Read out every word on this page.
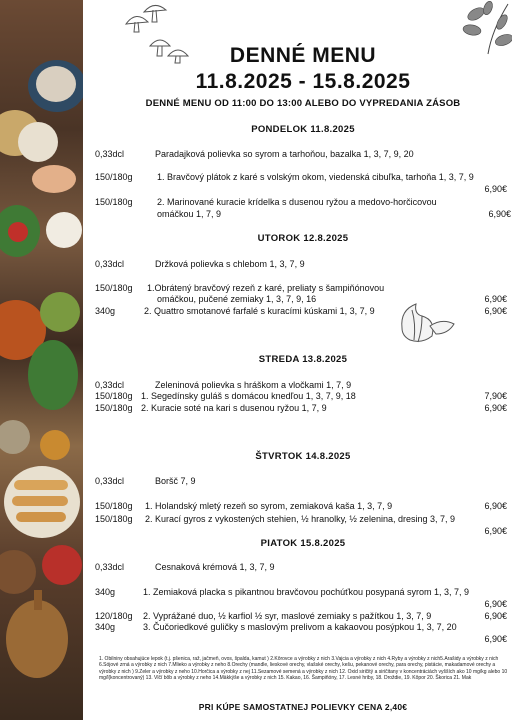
DENNÉ MENU
11.8.2025 - 15.8.2025
DENNÉ MENU OD 11:00 DO 13:00 ALEBO DO VYPREDANIA ZÁSOB
PONDELOK 11.8.2025
0,33dcl	Paradajková polievka so syrom a tarhoňou, bazalka 1, 3, 7, 9, 20
150/180g	1. Bravčový plátok z karé s volským okom, viedenská cibuľka, tarhoňa 1, 3, 7, 9
6,90€
150/180g	2. Marinované kuracie krídelka s dusenou ryžou a medovo-horčicovou
omáčkou 1, 7, 9	6,90€
UTOROK 12.8.2025
0,33dcl	Držková polievka s chlebom 1, 3, 7, 9
150/180g 1.Obrátený bravčový rezeň z karé, preliaty s šampiňónovou
omáčkou, pučené zemiaky 1, 3, 7, 9, 16	6,90€
340g	2. Quattro smotanové farfalé s kuracími kúskami 1, 3, 7, 9	6,90€
STREDA 13.8.2025
0,33dcl	Zeleninová polievka s hráškom a vločkami 1, 7, 9
150/180g 1. Segedínsky guláš s domácou knedľou 1, 3, 7, 9, 18	7,90€
150/180g 2. Kuracie soté na kari s dusenou ryžou 1, 7, 9	6,90€
ŠTVRTOK 14.8.2025
0,33dcl	Boršč 7, 9
150/180g 1. Holandský mletý rezeň so syrom, zemiaková kaša 1, 3, 7, 9	6,90€
150/180g 2. Kurací gyros z vykostených stehien, ½ hranolky, ½ zelenina, dresing 3, 7, 9
6,90€
PIATOK 15.8.2025
0,33dcl	Cesnaková krémová 1, 3, 7, 9
340g	1. Zemiaková placka s pikantnou bravčovou pochúťkou posypaná syrom 1, 3, 7, 9
6,90€
120/180g 2. Vyprážané duo, ½ karfiol ½ syr, maslové zemiaky s pažítkou 1, 3, 7, 9	6,90€
340g	3. Čučoriedkové guličky s maslovým prelivom a kakaovou posýpkou 1, 3, 7, 20
6,90€
1. Obilniny obsahujúce lepok (t.j. pšenica, raž, jačmeň, ovos, špalda, kamut ) 2.Kôrovce a výrobky z nich 3.Vajcia a výrobky z nich 4.Ryby a výrobky z nich5.Arašidy a výrobky z nich 6.Sójové zrná a výrobky z nich 7.Mlieko a výrobky z neho 8.Orechy (mandle, lieskové orechy, vlašské orechy, kešu, pekanové orechy, para orechy, pistácie, makadamové orechy a výrobky z nich ) 9.Zeler a výrobky z neho 10.Horčica a výrobky z nej 11.Sezamové semená a výrobky z nich 12. Oxid siričitý a siričitany v koncentráciách vyšších ako 10 mg/kg alebo 10 mg/l(koncentrovaný) 13. Vlčí bôb a výrobky z neho 14.Mäkkýše a výrobky z nich 15. Kakao, 16. Šampiňóny, 17. Lesné hriby, 18. Droždie, 19. Kôpor 20. Škorica 21. Mak
PRI KÚPE SAMOSTATNEJ POLIEVKY CENA 2,40€
